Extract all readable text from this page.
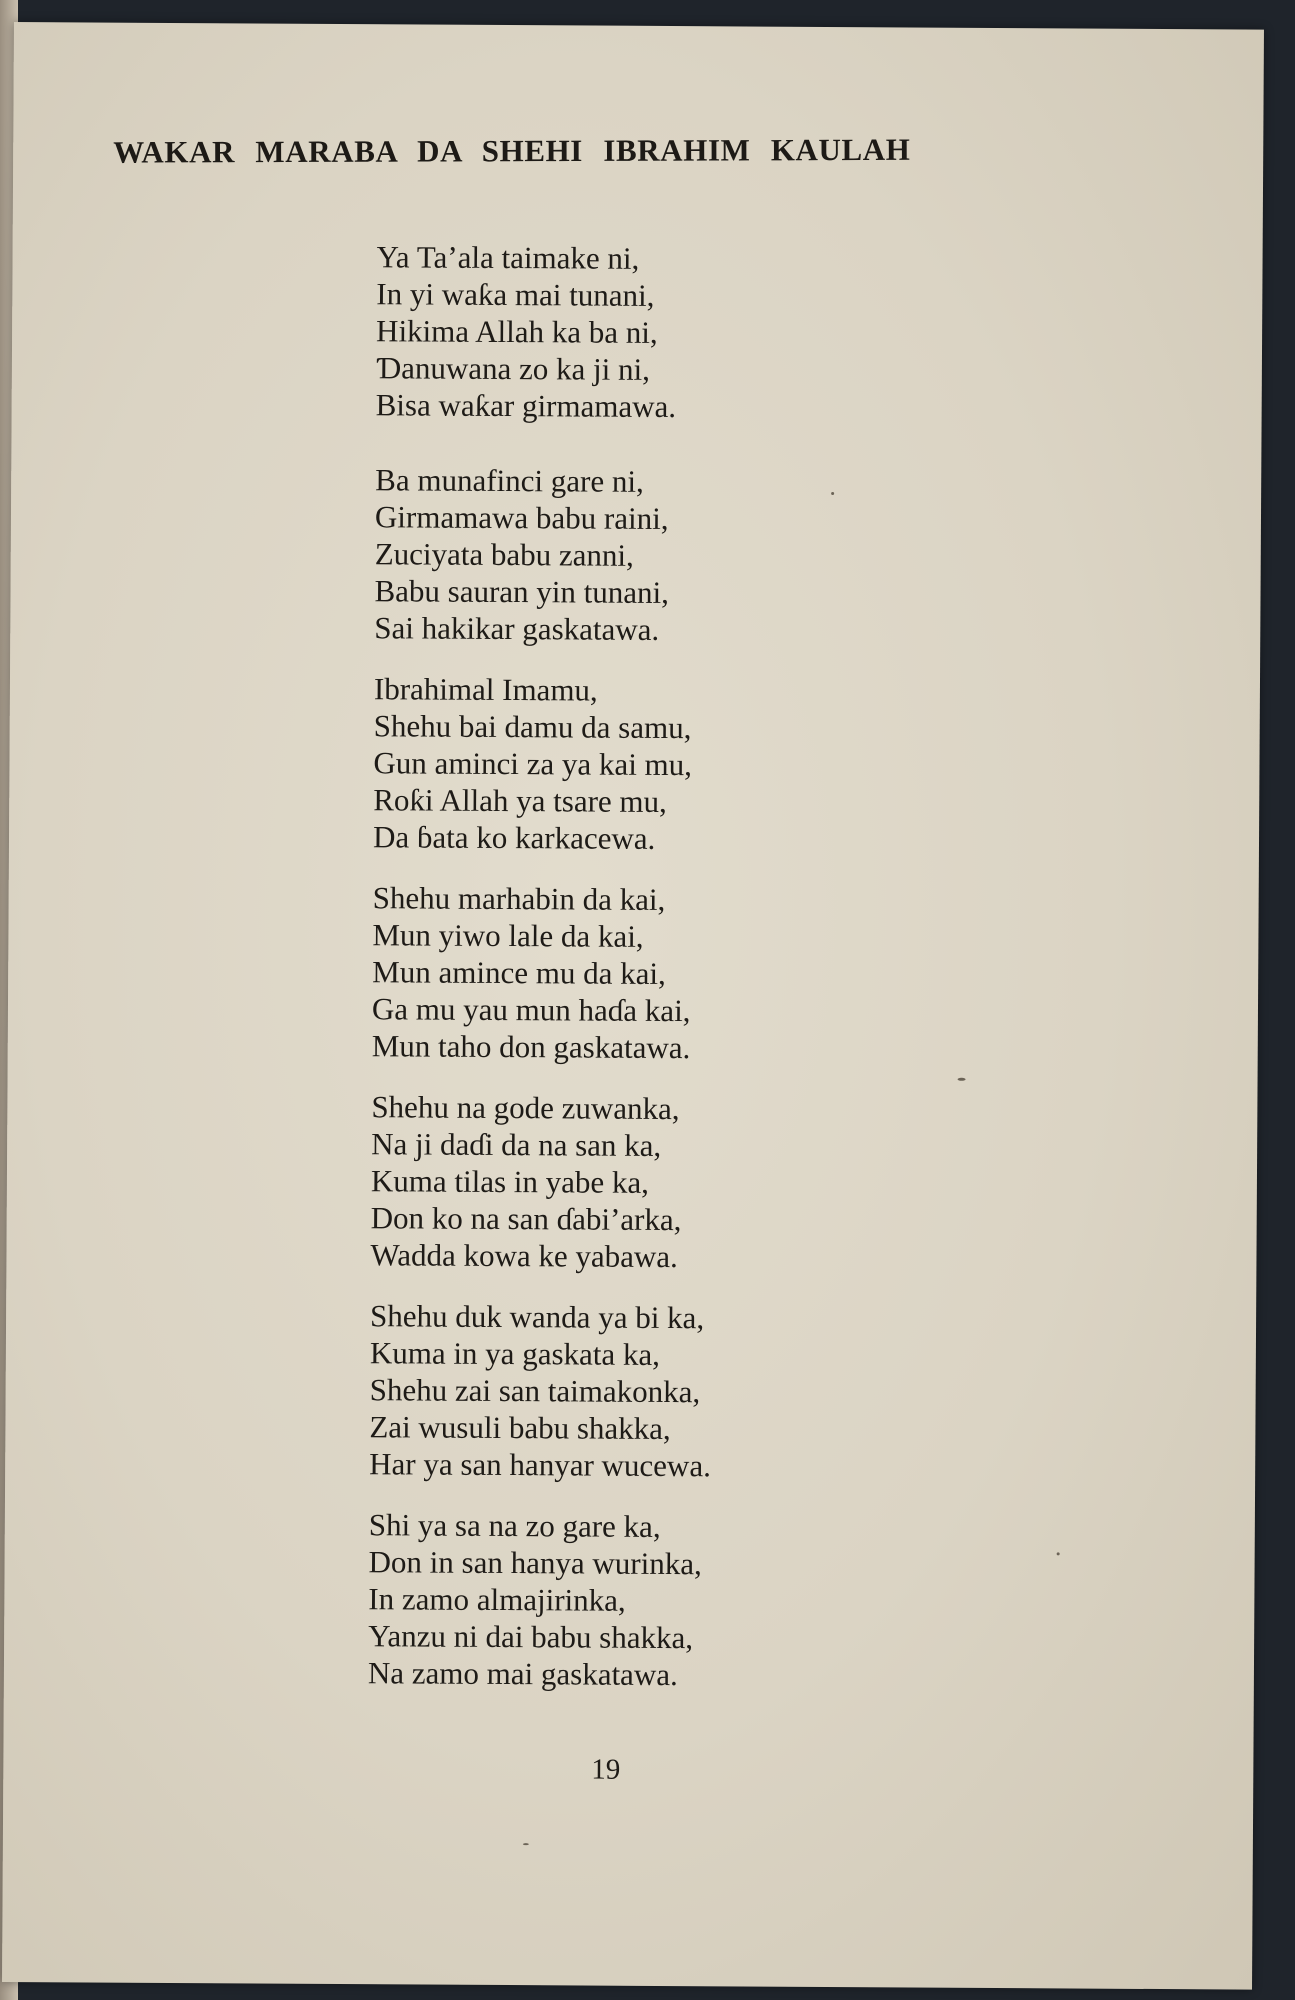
WAKAR MARABA DA SHEHI IBRAHIM KAULAH
Ya Ta’ala taimake ni,
In yi waƙa mai tunani,
Hikima Allah ka ba ni,
Ɗanuwana zo ka ji ni,
Bisa waƙar girmamawa.
Ba munafinci gare ni,
Girmamawa babu raini,
Zuciyata babu zanni,
Babu sauran yin tunani,
Sai hakikar gaskatawa.
Ibrahimal Imamu,
Shehu bai damu da samu,
Gun aminci za ya kai mu,
Roƙi Allah ya tsare mu,
Da ɓata ko karkacewa.
Shehu marhabin da kai,
Mun yiwo lale da kai,
Mun amince mu da kai,
Ga mu yau mun haɗa kai,
Mun taho don gaskatawa.
Shehu na gode zuwanka,
Na ji daɗi da na san ka,
Kuma tilas in yabe ka,
Don ko na san ɗabi’arka,
Wadda kowa ke yabawa.
Shehu duk wanda ya bi ka,
Kuma in ya gaskata ka,
Shehu zai san taimakonka,
Zai wusuli babu shakka,
Har ya san hanyar wucewa.
Shi ya sa na zo gare ka,
Don in san hanya wurinka,
In zamo almajirinka,
Yanzu ni dai babu shakka,
Na zamo mai gaskatawa.
19
